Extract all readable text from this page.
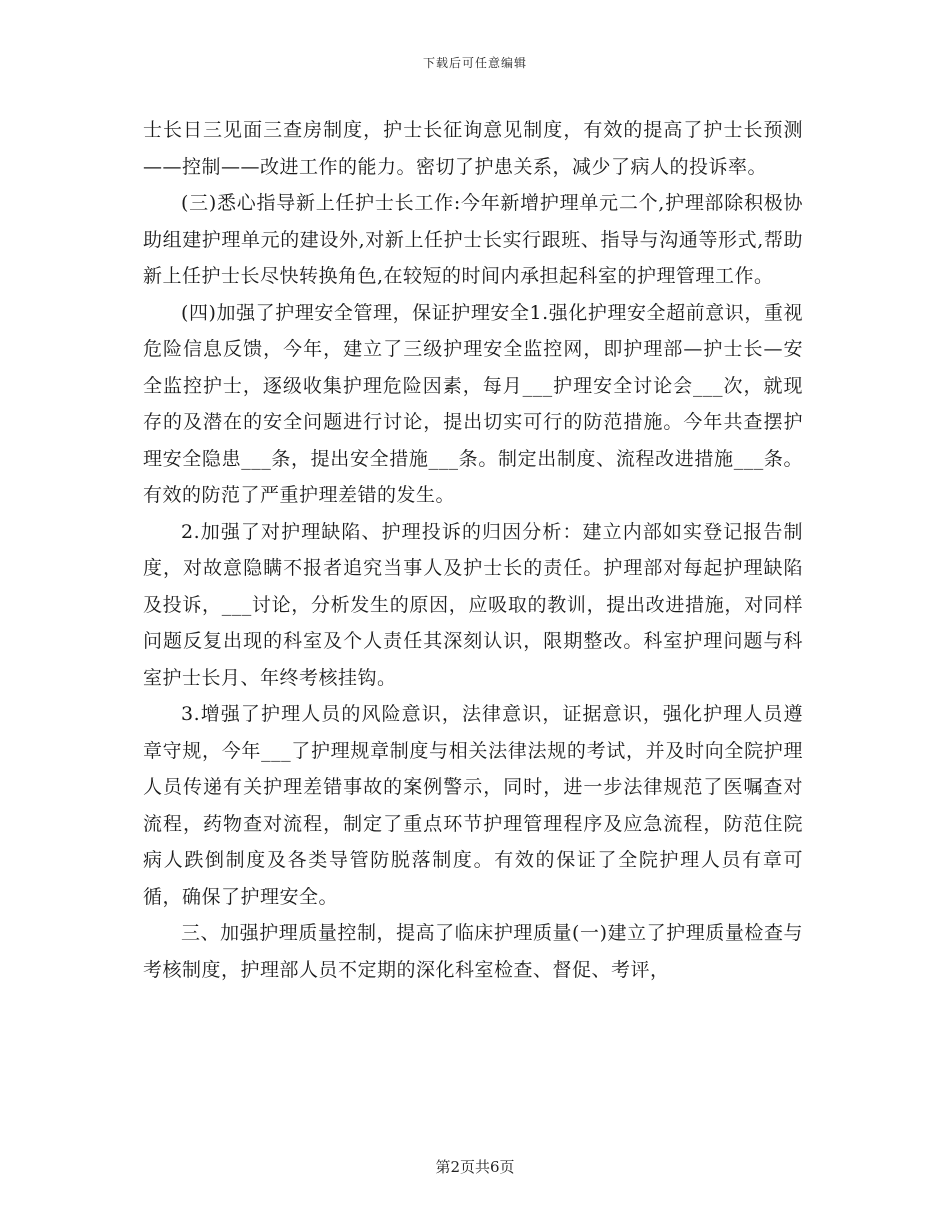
下载后可任意编辑

士长日三见面三查房制度，护士长征询意见制度，有效的提高了护士长预测——控制——改进工作的能力。密切了护患关系，减少了病人的投诉率。

(三)悉心指导新上任护士长工作:今年新增护理单元二个,护理部除积极协助组建护理单元的建设外,对新上任护士长实行跟班、指导与沟通等形式,帮助新上任护士长尽快转换角色,在较短的时间内承担起科室的护理管理工作。

(四)加强了护理安全管理，保证护理安全1.强化护理安全超前意识，重视危险信息反馈，今年，建立了三级护理安全监控网，即护理部—护士长—安全监控护士，逐级收集护理危险因素，每月___护理安全讨论会___次，就现存的及潜在的安全问题进行讨论，提出切实可行的防范措施。今年共查摆护理安全隐患___条，提出安全措施___条。制定出制度、流程改进措施___条。有效的防范了严重护理差错的发生。

2.加强了对护理缺陷、护理投诉的归因分析：建立内部如实登记报告制度，对故意隐瞒不报者追究当事人及护士长的责任。护理部对每起护理缺陷及投诉，___讨论，分析发生的原因，应吸取的教训，提出改进措施，对同样问题反复出现的科室及个人责任其深刻认识，限期整改。科室护理问题与科室护士长月、年终考核挂钩。

3.增强了护理人员的风险意识，法律意识，证据意识，强化护理人员遵章守规，今年___了护理规章制度与相关法律法规的考试，并及时向全院护理人员传递有关护理差错事故的案例警示，同时，进一步法律规范了医嘱查对流程，药物查对流程，制定了重点环节护理管理程序及应急流程，防范住院病人跌倒制度及各类导管防脱落制度。有效的保证了全院护理人员有章可循，确保了护理安全。

三、加强护理质量控制，提高了临床护理质量(一)建立了护理质量检查与考核制度，护理部人员不定期的深化科室检查、督促、考评，

第2页共6页
